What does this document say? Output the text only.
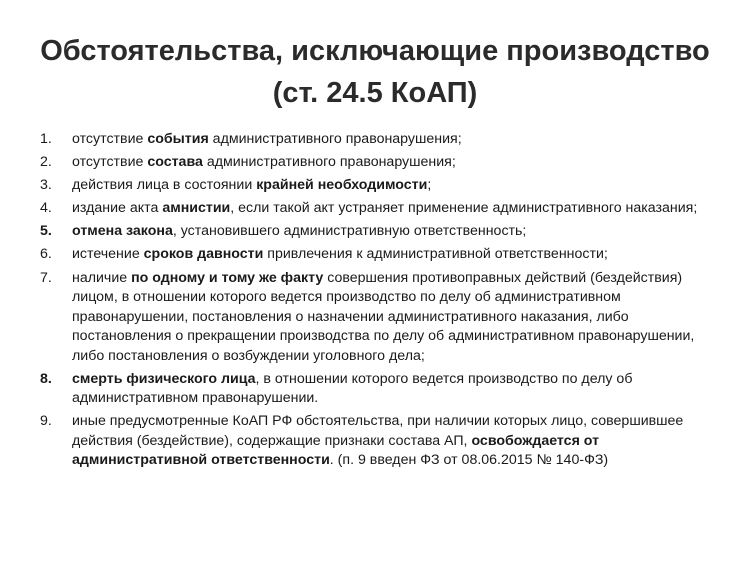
Обстоятельства, исключающие производство
(ст. 24.5 КоАП)
1.	отсутствие события административного правонарушения;
2.	отсутствие состава административного правонарушения;
3.	действия лица в состоянии крайней необходимости;
4.	издание акта амнистии, если такой акт устраняет применение административного наказания;
5.	отмена закона, установившего административную ответственность;
6.	истечение сроков давности привлечения к административной ответственности;
7.	наличие по одному и тому же факту совершения противоправных действий (бездействия) лицом, в отношении которого ведется производство по делу об административном правонарушении, постановления о назначении административного наказания, либо постановления о прекращении производства по делу об административном правонарушении, либо постановления о возбуждении уголовного дела;
8.	смерть физического лица, в отношении которого ведется производство по делу об административном правонарушении.
9.	иные предусмотренные КоАП РФ обстоятельства, при наличии которых лицо, совершившее действия (бездействие), содержащие признаки состава АП, освобождается от административной ответственности. (п. 9 введен ФЗ от 08.06.2015 № 140-ФЗ)
